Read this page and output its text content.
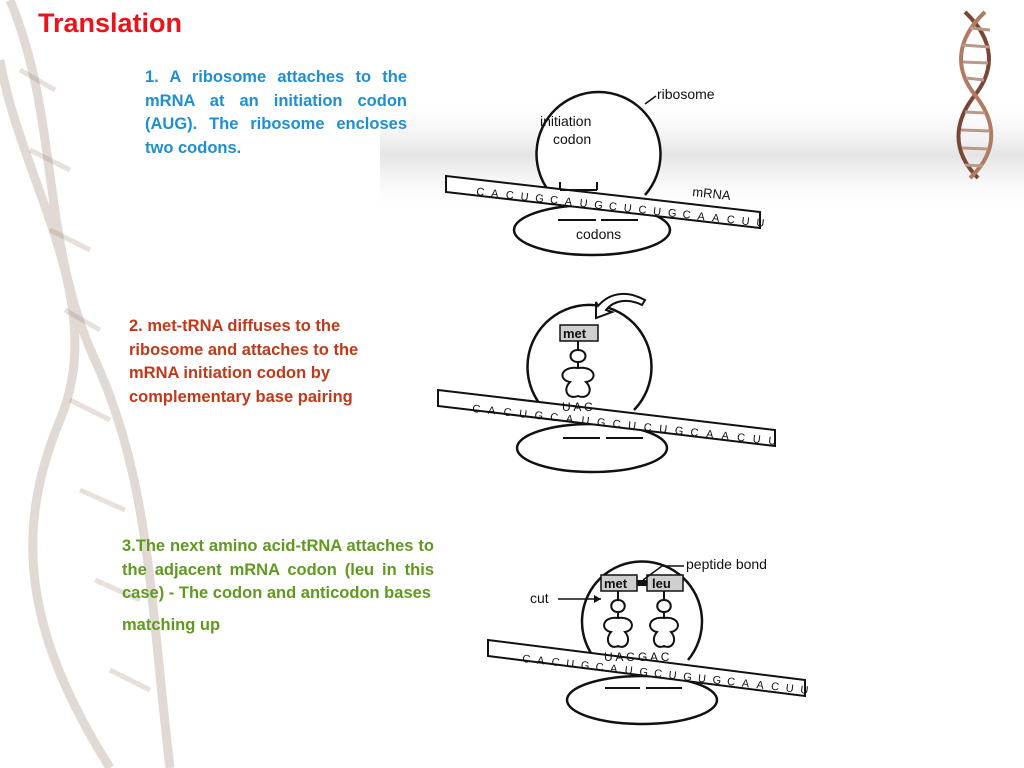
Translation
1. A ribosome attaches to the mRNA at an initiation codon (AUG). The ribosome encloses two codons.
2. met-tRNA diffuses to the ribosome and attaches to the mRNA initiation codon by complementary base pairing
3.The next amino acid-tRNA attaches to the adjacent mRNA codon (leu in this case) - The codon and anticodon bases
matching up
C A C U G C A U G C U C U G C A A C U U
ribosome
initiation
codon
mRNA
codons
C A C U G C A U G C U C U G C A A C U U
met
U A C
C A C U G C A U G C U G U G C A A C U U
met leu
U A C G A C
cut
peptide bond
